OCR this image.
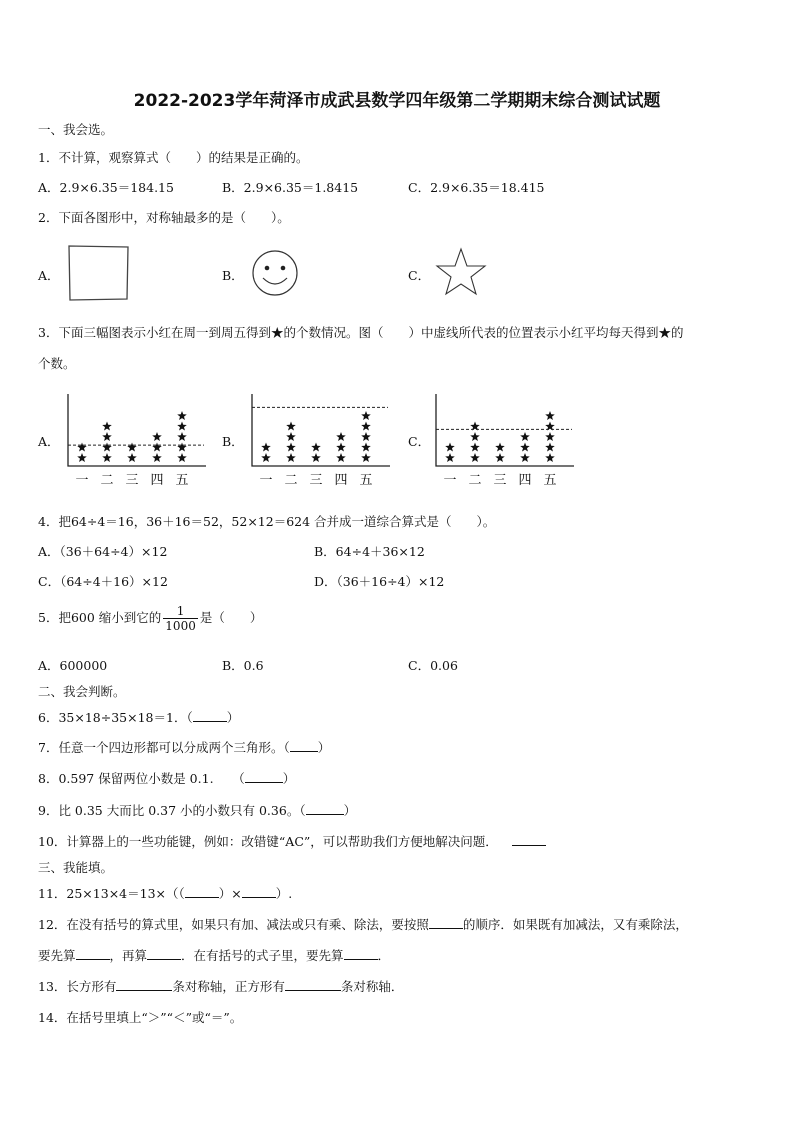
2022-2023学年菏泽市成武县数学四年级第二学期期末综合测试试题
一、我会选。
1．不计算，观察算式（　　）的结果是正确的。
A．2.9×6.35＝184.15	B．2.9×6.35＝1.8415	C．2.9×6.35＝18.415
2．下面各图形中，对称轴最多的是（　　）。
A．	B．	C．
3．下面三幅图表示小红在周一到周五得到★的个数情况。图（　　）中虚线所代表的位置表示小红平均每天得到★的
个数。
A．
一 二 三 四 五
B．
一 二 三 四 五
C．
一 二 三 四 五
4．把64÷4＝16，36＋16＝52，52×12＝624 合并成一道综合算式是（　　）。
A．（36＋64÷4）×12	B．64÷4＋36×12
C．（64÷4＋16）×12	D．（36＋16÷4）×12
5．把600 缩小到它的 $\frac{1}{1000}$ 是（　　）
A．600000	B．0.6	C．0.06
二、我会判断。
6．35×18÷35×18＝1．（	）
7．任意一个四边形都可以分成两个三角形。（ ）
8．0.597 保留两位小数是 0.1.　　（	）
9．比 0.35 大而比 0.37 小的小数只有 0.36。（	）
10．计算器上的一些功能键，例如：改错键“AC”，可以帮助我们方便地解决问题．
三、我能填。
11．25×13×4＝13×（（	）×	）.
12．在没有括号的算式里，如果只有加、减法或只有乘、除法，要按照	的顺序．如果既有加减法，又有乘除法，
要先算	，再算	．在有括号的式子里，要先算	．
13．长方形有	条对称轴，正方形有	条对称轴．
14．在括号里填上“＞”“＜”或“＝”。
